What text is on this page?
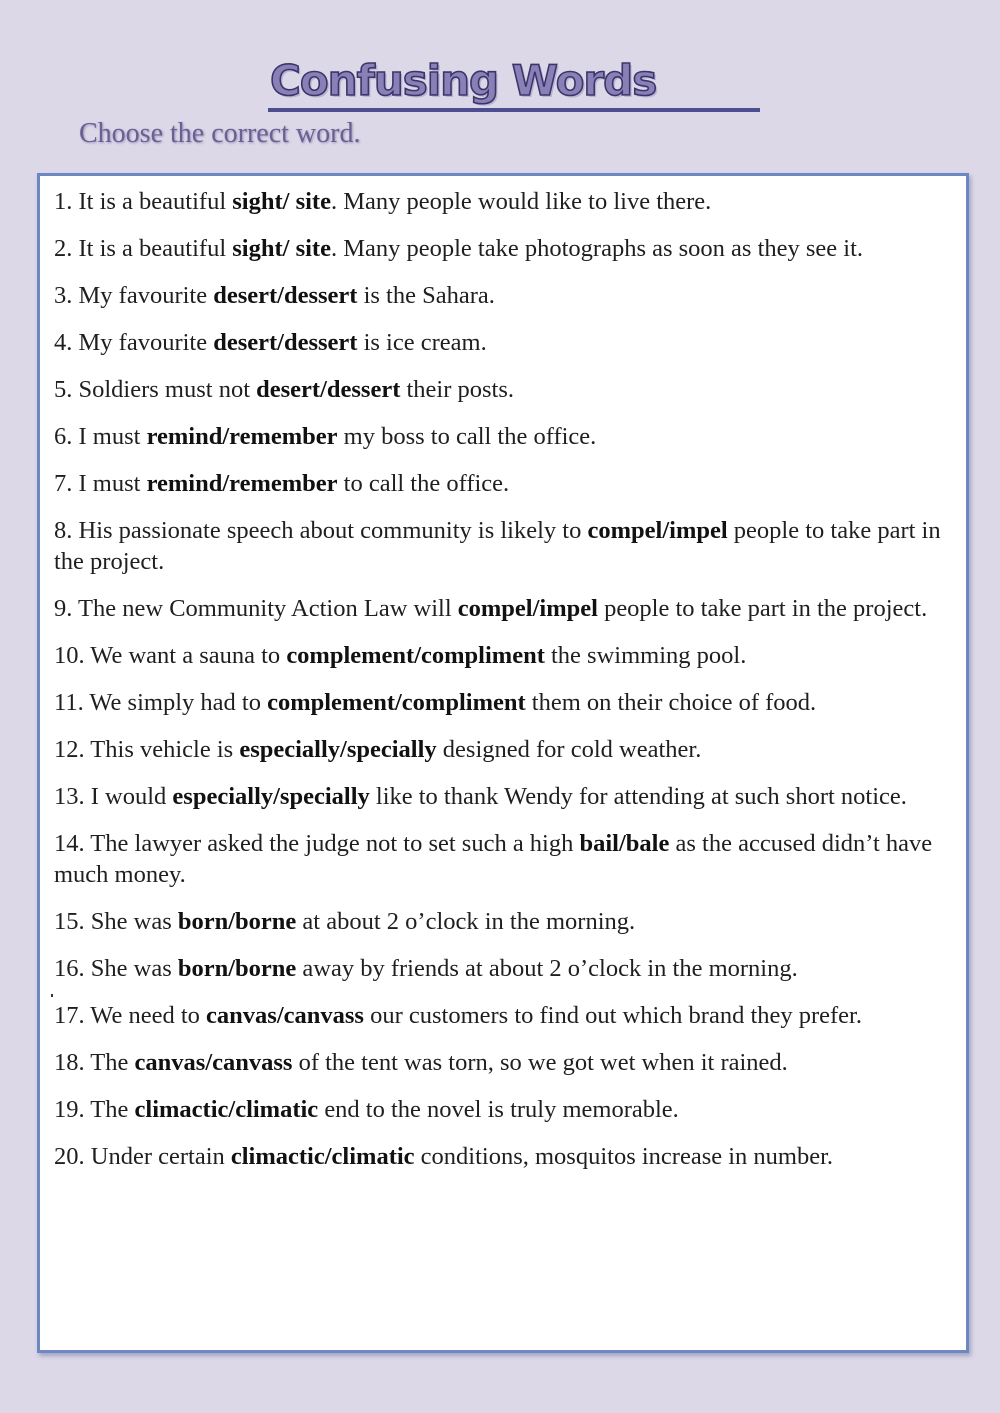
Confusing Words

Choose the correct word.

1. It is a beautiful sight/ site. Many people would like to live there.

2. It is a beautiful sight/ site. Many people take photographs as soon as they see it.

3. My favourite desert/dessert is the Sahara.

4. My favourite desert/dessert is ice cream.

5. Soldiers must not desert/dessert their posts.

6. I must remind/remember my boss to call the office.

7. I must remind/remember to call the office.

8. His passionate speech about community is likely to compel/impel people to take part in the project.

9. The new Community Action Law will compel/impel people to take part in the project.

10. We want a sauna to complement/compliment the swimming pool.

11. We simply had to complement/compliment them on their choice of food.

12. This vehicle is especially/specially designed for cold weather.

13. I would especially/specially like to thank Wendy for attending at such short notice.

14. The lawyer asked the judge not to set such a high bail/bale as the accused didn’t have much money.

15. She was born/borne at about 2 o’clock in the morning.

16. She was born/borne away by friends at about 2 o’clock in the morning.

17. We need to canvas/canvass our customers to find out which brand they prefer.

18. The canvas/canvass of the tent was torn, so we got wet when it rained.

19. The climactic/climatic end to the novel is truly memorable.

20. Under certain climactic/climatic conditions, mosquitos increase in number.
